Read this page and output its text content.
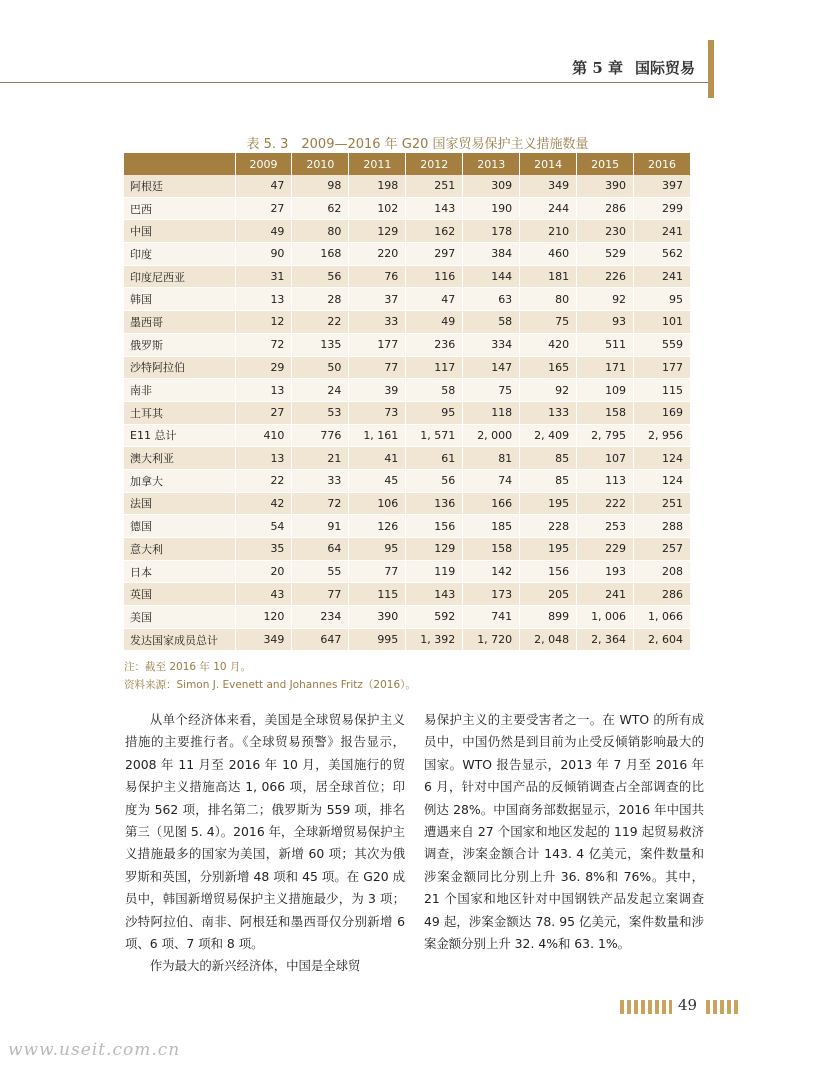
第 5 章 国际贸易
表 5. 3　2009—2016 年 G20 国家贸易保护主义措施数量
	2009	2010	2011	2012	2013	2014	2015	2016
阿根廷	47	98	198	251	309	349	390	397
巴西	27	62	102	143	190	244	286	299
中国	49	80	129	162	178	210	230	241
印度	90	168	220	297	384	460	529	562
印度尼西亚	31	56	76	116	144	181	226	241
韩国	13	28	37	47	63	80	92	95
墨西哥	12	22	33	49	58	75	93	101
俄罗斯	72	135	177	236	334	420	511	559
沙特阿拉伯	29	50	77	117	147	165	171	177
南非	13	24	39	58	75	92	109	115
土耳其	27	53	73	95	118	133	158	169
E11 总计	410	776	1, 161	1, 571	2, 000	2, 409	2, 795	2, 956
澳大利亚	13	21	41	61	81	85	107	124
加拿大	22	33	45	56	74	85	113	124
法国	42	72	106	136	166	195	222	251
德国	54	91	126	156	185	228	253	288
意大利	35	64	95	129	158	195	229	257
日本	20	55	77	119	142	156	193	208
英国	43	77	115	143	173	205	241	286
美国	120	234	390	592	741	899	1, 006	1, 066
发达国家成员总计	349	647	995	1, 392	1, 720	2, 048	2, 364	2, 604
注：截至 2016 年 10 月。
资料来源：Simon J. Evenett and Johannes Fritz（2016）。

从单个经济体来看，美国是全球贸易保护主义措施的主要推行者。《全球贸易预警》报告显示，2008 年 11 月至 2016 年 10 月，美国施行的贸易保护主义措施高达 1, 066 项，居全球首位；印度为 562 项，排名第二；俄罗斯为 559 项，排名第三（见图 5. 4）。2016 年，全球新增贸易保护主义措施最多的国家为美国，新增 60 项；其次为俄罗斯和英国，分别新增 48 项和 45 项。在 G20 成员中，韩国新增贸易保护主义措施最少，为 3 项；沙特阿拉伯、南非、阿根廷和墨西哥仅分别新增 6 项、6 项、7 项和 8 项。

作为最大的新兴经济体，中国是全球贸

易保护主义的主要受害者之一。在 WTO 的所有成员中，中国仍然是到目前为止受反倾销影响最大的国家。WTO 报告显示，2013 年 7 月至 2016 年 6 月，针对中国产品的反倾销调查占全部调查的比例达 28%。中国商务部数据显示，2016 年中国共遭遇来自 27 个国家和地区发起的 119 起贸易救济调查，涉案金额合计 143. 4 亿美元，案件数量和涉案金额同比分别上升 36. 8%和 76%。其中，21 个国家和地区针对中国钢铁产品发起立案调查 49 起，涉案金额达 78. 95 亿美元，案件数量和涉案金额分别上升 32. 4%和 63. 1%。

49
www.useit.com.cn
